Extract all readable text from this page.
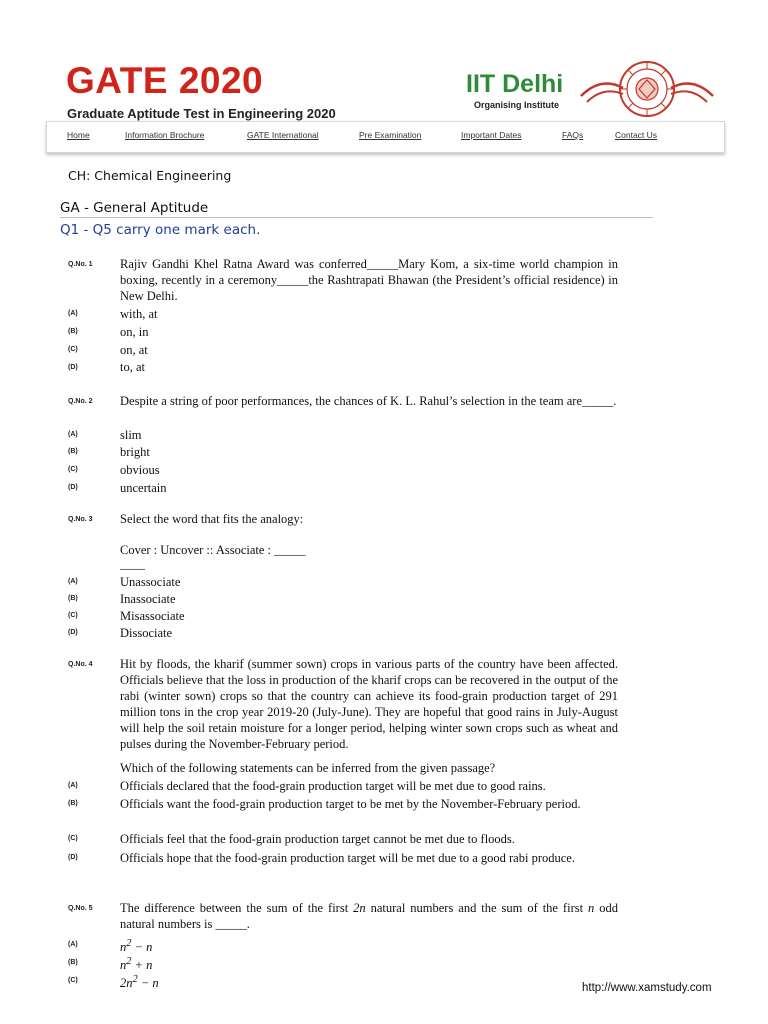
GATE 2020
Graduate Aptitude Test in Engineering 2020
IIT Delhi
Organising Institute
Home	Information Brochure	GATE International	Pre Examination	Important Dates	FAQs	Contact Us
CH: Chemical Engineering
GA - General Aptitude
Q1 - Q5 carry one mark each.
Q.No. 1 Rajiv Gandhi Khel Ratna Award was conferred_____Mary Kom, a six-time world champion in boxing, recently in a ceremony_____the Rashtrapati Bhawan (the President’s official residence) in New Delhi.
(A)	with, at
(B)	on, in
(C)	on, at
(D)	to, at
Q.No. 2 Despite a string of poor performances, the chances of K. L. Rahul’s selection in the team are_____.
(A)	slim
(B)	bright
(C)	obvious
(D)	uncertain
Q.No. 3 Select the word that fits the analogy:
Cover : Uncover :: Associate : _____
____
(A)	Unassociate
(B)	Inassociate
(C)	Misassociate
(D)	Dissociate
Q.No. 4 Hit by floods, the kharif (summer sown) crops in various parts of the country have been affected. Officials believe that the loss in production of the kharif crops can be recovered in the output of the rabi (winter sown) crops so that the country can achieve its food-grain production target of 291 million tons in the crop year 2019-20 (July-June). They are hopeful that good rains in July-August will help the soil retain moisture for a longer period, helping winter sown crops such as wheat and pulses during the November-February period.
Which of the following statements can be inferred from the given passage?
(A)	Officials declared that the food-grain production target will be met due to good rains.
(B)	Officials want the food-grain production target to be met by the November-February period.
(C)	Officials feel that the food-grain production target cannot be met due to floods.
(D)	Officials hope that the food-grain production target will be met due to a good rabi produce.
Q.No. 5 The difference between the sum of the first 2n natural numbers and the sum of the first n odd natural numbers is _____.
(A)	$n^2 - n$
(B)	$n^2 + n$
(C)	$2n^2 - n$	http://www.xamstudy.com
